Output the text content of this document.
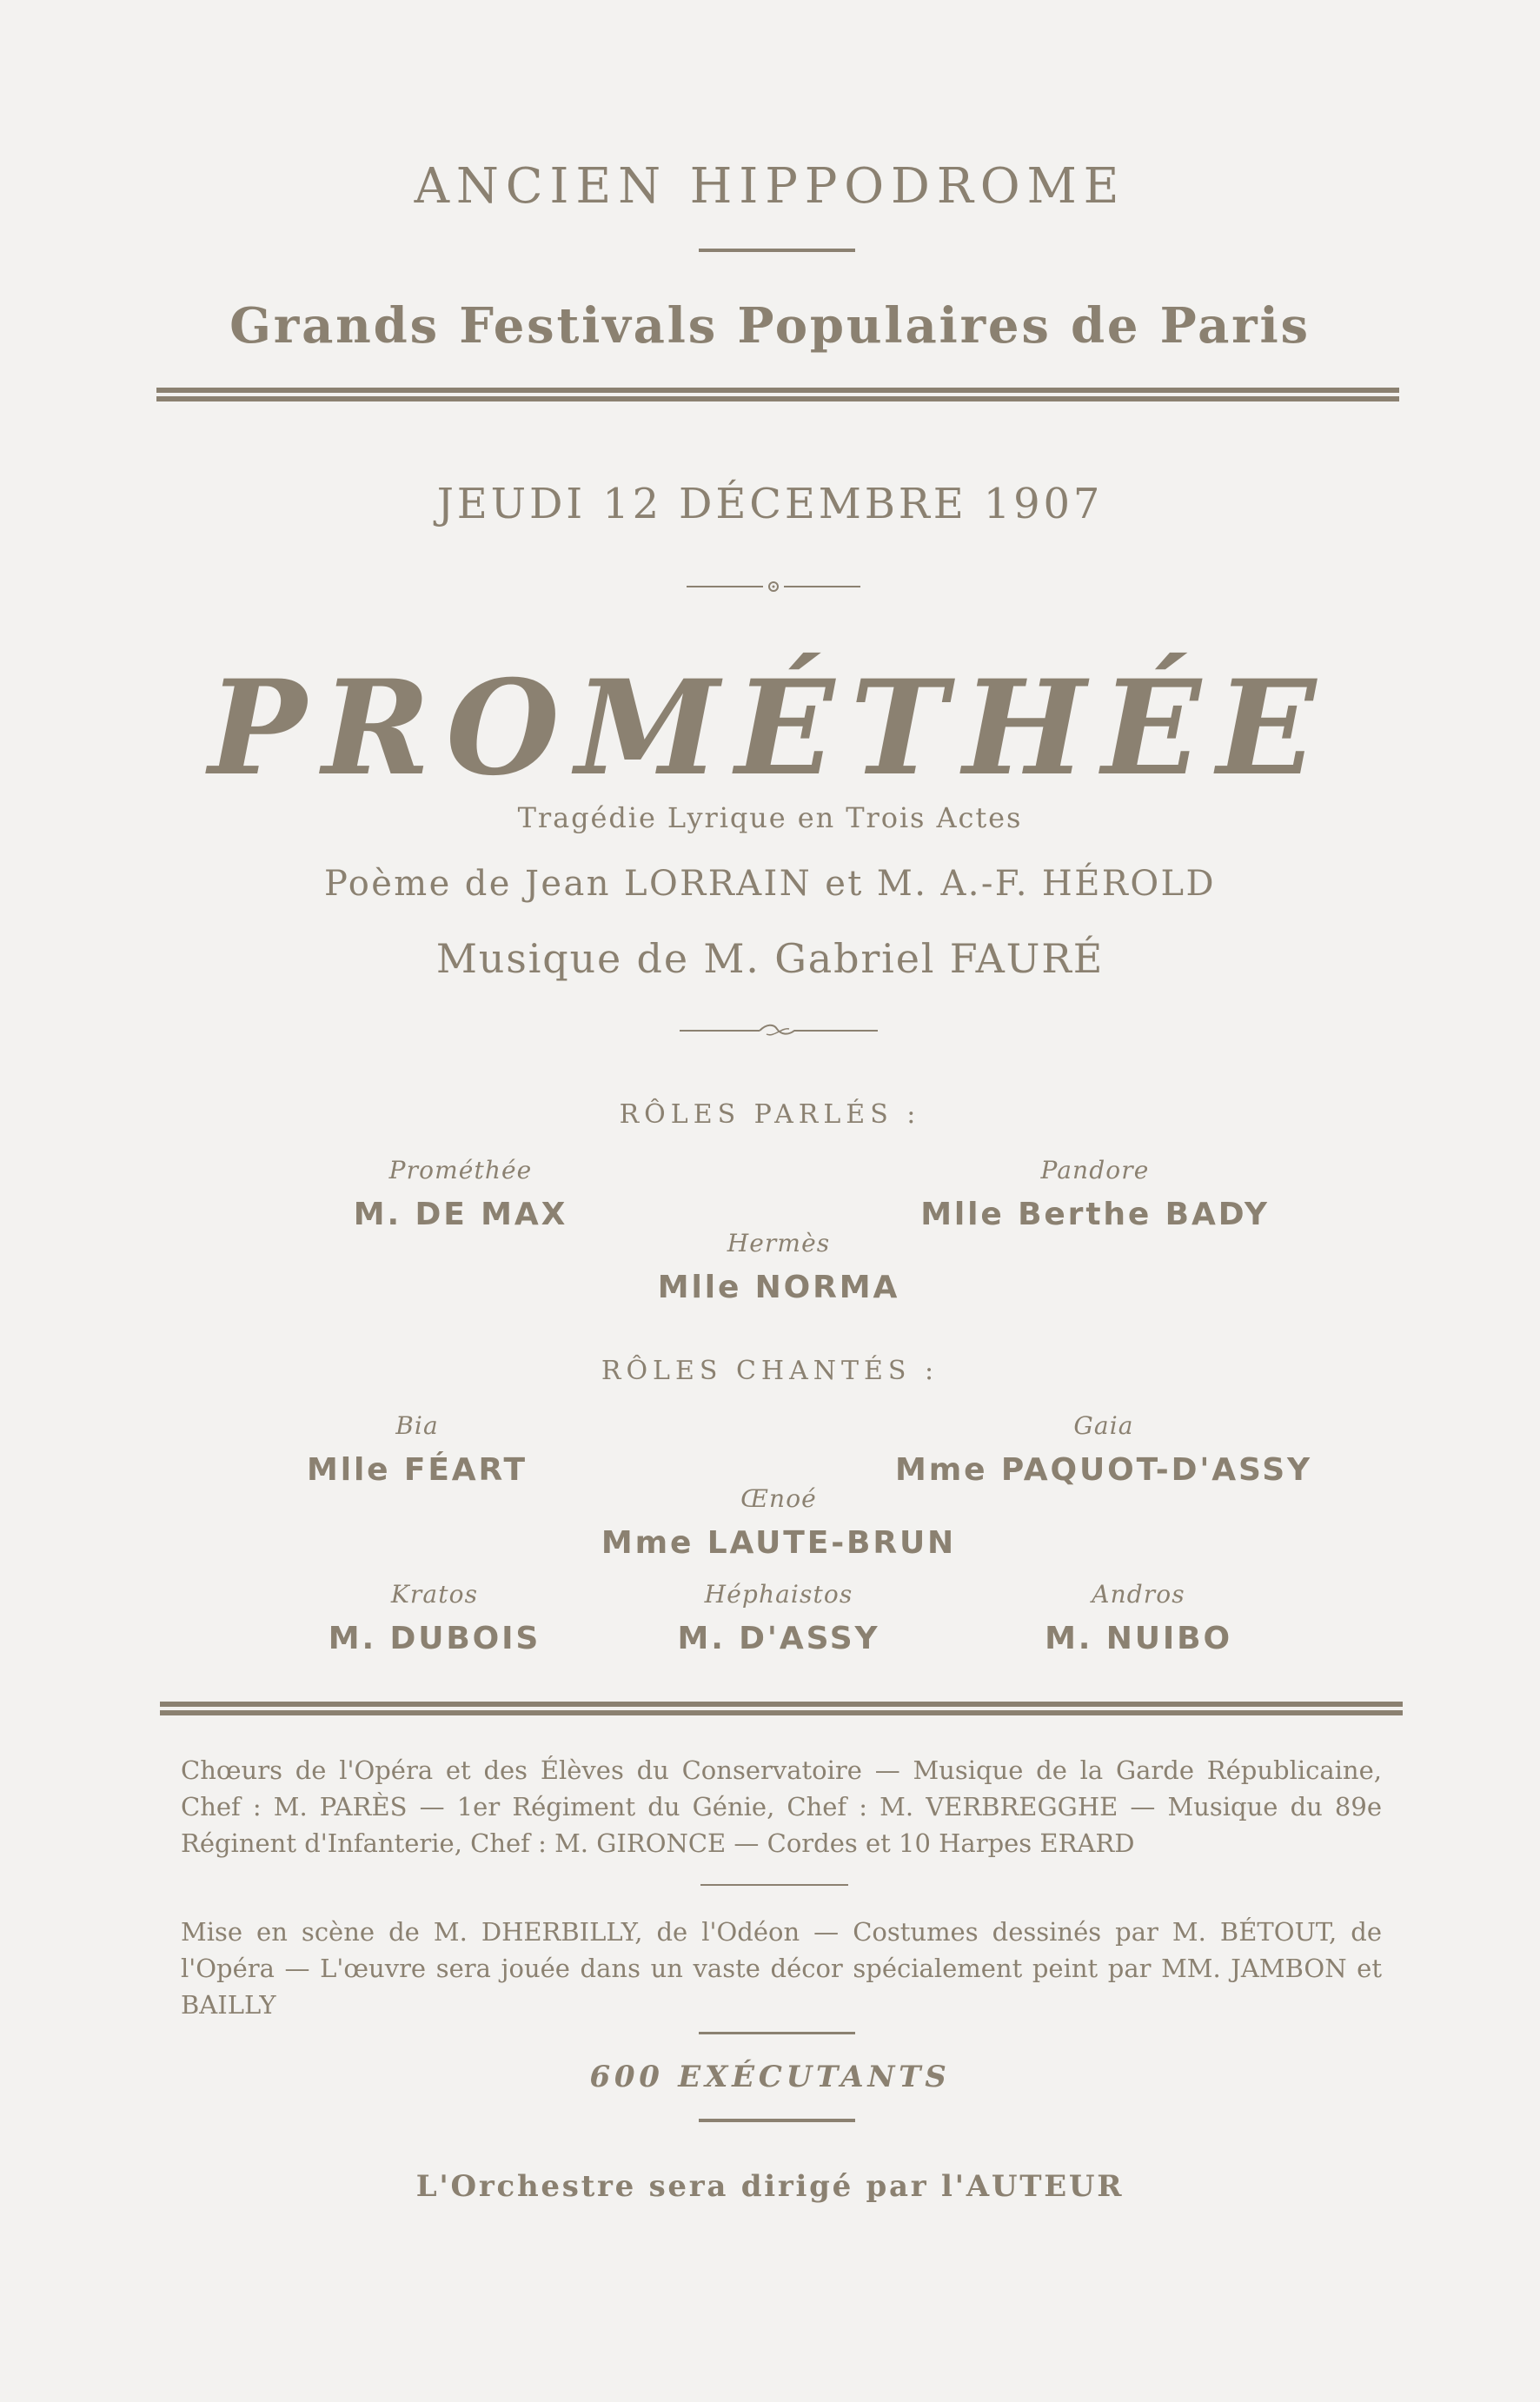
ANCIEN HIPPODROME
Grands Festivals Populaires de Paris
JEUDI 12 DÉCEMBRE 1907
PROMÉTHÉE
Tragédie Lyrique en Trois Actes
Poème de Jean LORRAIN et M. A.-F. HÉROLD
Musique de M. Gabriel FAURÉ
RÔLES PARLÉS :
Prométhée
M. DE MAX
Pandore
Mlle Berthe BADY
Hermès
Mlle NORMA
RÔLES CHANTÉS :
Bia
Mlle FÉART
Gaia
Mme PAQUOT-D'ASSY
Œnoé
Mme LAUTE-BRUN
Kratos
M. DUBOIS
Héphaistos
M. D'ASSY
Andros
M. NUIBO
Chœurs de l'Opéra et des Élèves du Conservatoire — Musique de la Garde Républicaine, Chef : M. PARÈS — 1er Régiment du Génie, Chef : M. VERBREGGHE — Musique du 89e Réginent d'Infanterie, Chef : M. GIRONCE — Cordes et 10 Harpes ERARD
Mise en scène de M. DHERBILLY, de l'Odéon — Costumes dessinés par M. BÉTOUT, de l'Opéra — L'œuvre sera jouée dans un vaste décor spécialement peint par MM. JAMBON et BAILLY
600 EXÉCUTANTS
L'Orchestre sera dirigé par l'AUTEUR
